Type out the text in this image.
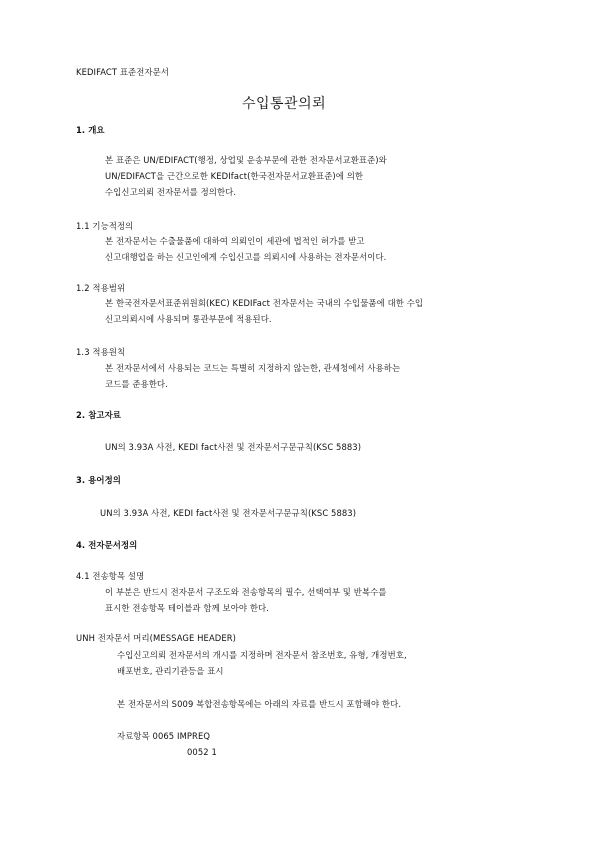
KEDIFACT 표준전자문서
수입통관의뢰
1. 개요
본 표준은 UN/EDIFACT(행정, 상업및 운송부문에 관한 전자문서교환표준)와
UN/EDIFACT을 근간으로한 KEDIfact(한국전자문서교환표준)에 의한
수입신고의뢰 전자문서를 정의한다.
1.1 기능적정의
본 전자문서는 수출물품에 대하여 의뢰인이 세관에 법적인 허가를 받고
신고대행업을 하는 신고인에게 수입신고를 의뢰시에 사용하는 전자문서이다.
1.2 적용범위
본 한국전자문서표준위원회(KEC) KEDIFact 전자문서는 국내의 수입물품에 대한 수입
신고의뢰시에 사용되며 통관부문에 적용된다.
1.3 적용원칙
본 전자문서에서 사용되는 코드는 특별히 지정하지 않는한, 관세청에서 사용하는
코드를 준용한다.
2. 참고자료
UN의 3.93A 사전, KEDI fact사전 및 전자문서구문규칙(KSC 5883)
3. 용어정의
UN의 3.93A 사전, KEDI fact사전 및 전자문서구문규칙(KSC 5883)
4. 전자문서정의
4.1 전송항목 설명
이 부분은 반드시 전자문서 구조도와 전송항목의 필수, 선택여부 및 반복수를
표시한 전송항목 테이블과 함께 보아야 한다.
UNH 전자문서 머리(MESSAGE HEADER)
수입신고의뢰 전자문서의 개시를 지정하며 전자문서 참조번호, 유형, 개정번호,
배포번호, 관리기관등을 표시
본 전자문서의 S009 복합전송항목에는 아래의 자료를 반드시 포함해야 한다.
자료항목 0065 IMPREQ
0052 1
